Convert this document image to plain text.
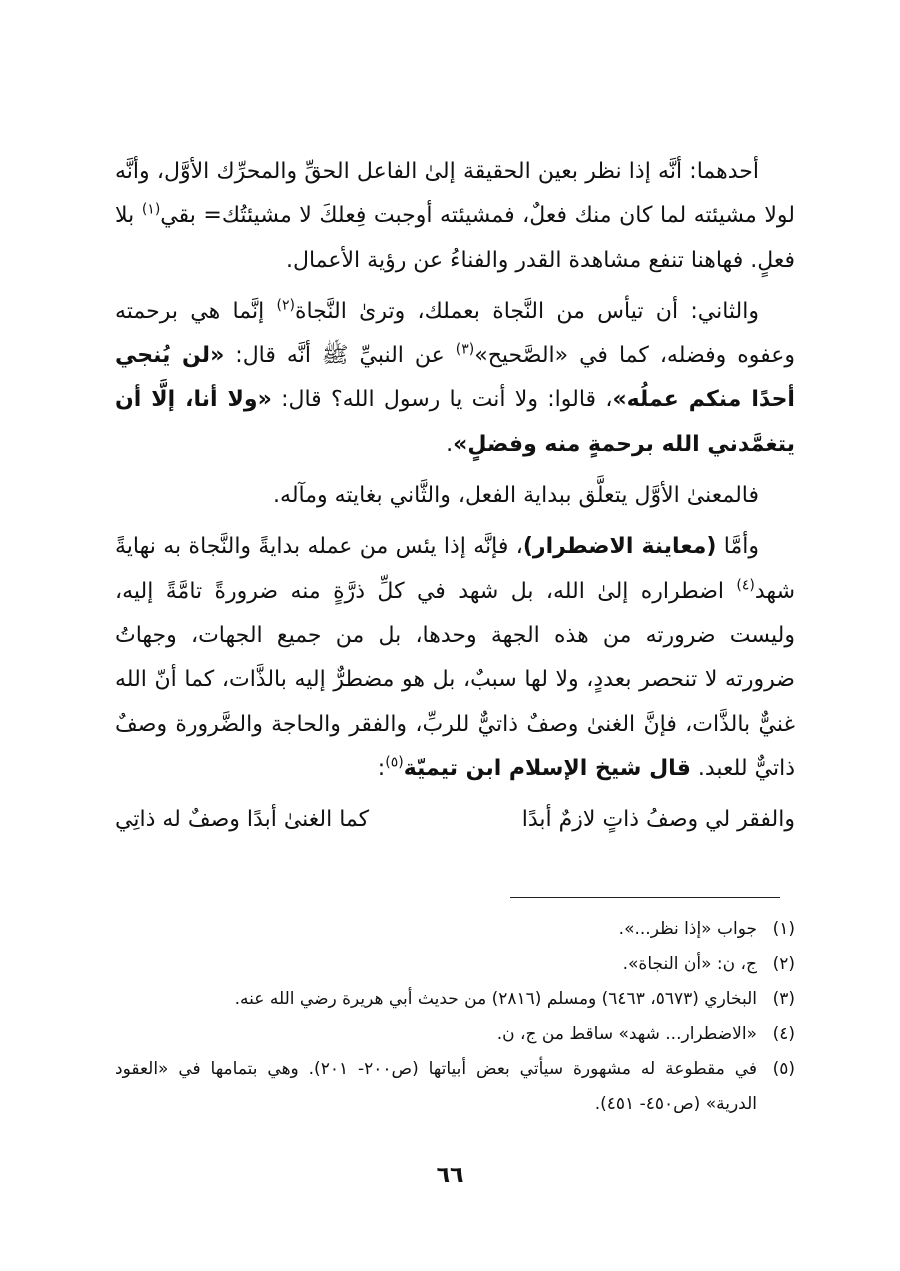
أحدهما: أنَّه إذا نظر بعين الحقيقة إلىٰ الفاعل الحقِّ والمحرِّك الأوَّل، وأنَّه لولا مشيئته لما كان منك فعلٌ، فمشيئته أوجبت فِعلكَ لا مشيئتُك= بقي$^{(١)}$ بلا فعلٍ. فهاهنا تنفع مشاهدة القدر والفناءُ عن رؤية الأعمال.

والثاني: أن تيأس من النَّجاة بعملك، وترىٰ النَّجاة$^{(٢)}$ إنَّما هي برحمته وعفوه وفضله، كما في «الصَّحيح»$^{(٣)}$ عن النبيِّ ﷺ أنَّه قال: «لن يُنجي أحدًا منكم عملُه»، قالوا: ولا أنت يا رسول الله؟ قال: «ولا أنا، إلَّا أن يتغمَّدني الله برحمةٍ منه وفضلٍ».

فالمعنىٰ الأوَّل يتعلَّق ببداية الفعل، والثَّاني بغايته ومآله.

وأمَّا (معاينة الاضطرار)، فإنَّه إذا يئس من عمله بدايةً والنَّجاة به نهايةً شهد$^{(٤)}$ اضطراره إلىٰ الله، بل شهد في كلِّ ذرَّةٍ منه ضرورةً تامَّةً إليه، وليست ضرورته من هذه الجهة وحدها، بل من جميع الجهات، وجهاتُ ضرورته لا تنحصر بعددٍ، ولا لها سببٌ، بل هو مضطرٌّ إليه بالذَّات، كما أنّ الله غنيٌّ بالذَّات، فإنَّ الغنىٰ وصفٌ ذاتيٌّ للربِّ، والفقر والحاجة والضَّرورة وصفٌ ذاتيٌّ للعبد. قال شيخ الإسلام ابن تيميّة$^{(٥)}$:

والفقر لي وصفُ ذاتٍ لازمٌ أبدًا
كما الغنىٰ أبدًا وصفٌ له ذاتِي

(١)
جواب «إذا نظر...».

(٢)
ج، ن: «أن النجاة».

(٣)
البخاري (٥٦٧٣، ٦٤٦٣) ومسلم (٢٨١٦) من حديث أبي هريرة رضي الله عنه.

(٤)
«الاضطرار... شهد» ساقط من ج، ن.

(٥)
في مقطوعة له مشهورة سيأتي بعض أبياتها (ص٢٠٠- ٢٠١). وهي بتمامها في «العقود الدرية» (ص٤٥٠- ٤٥١).

٦٦
